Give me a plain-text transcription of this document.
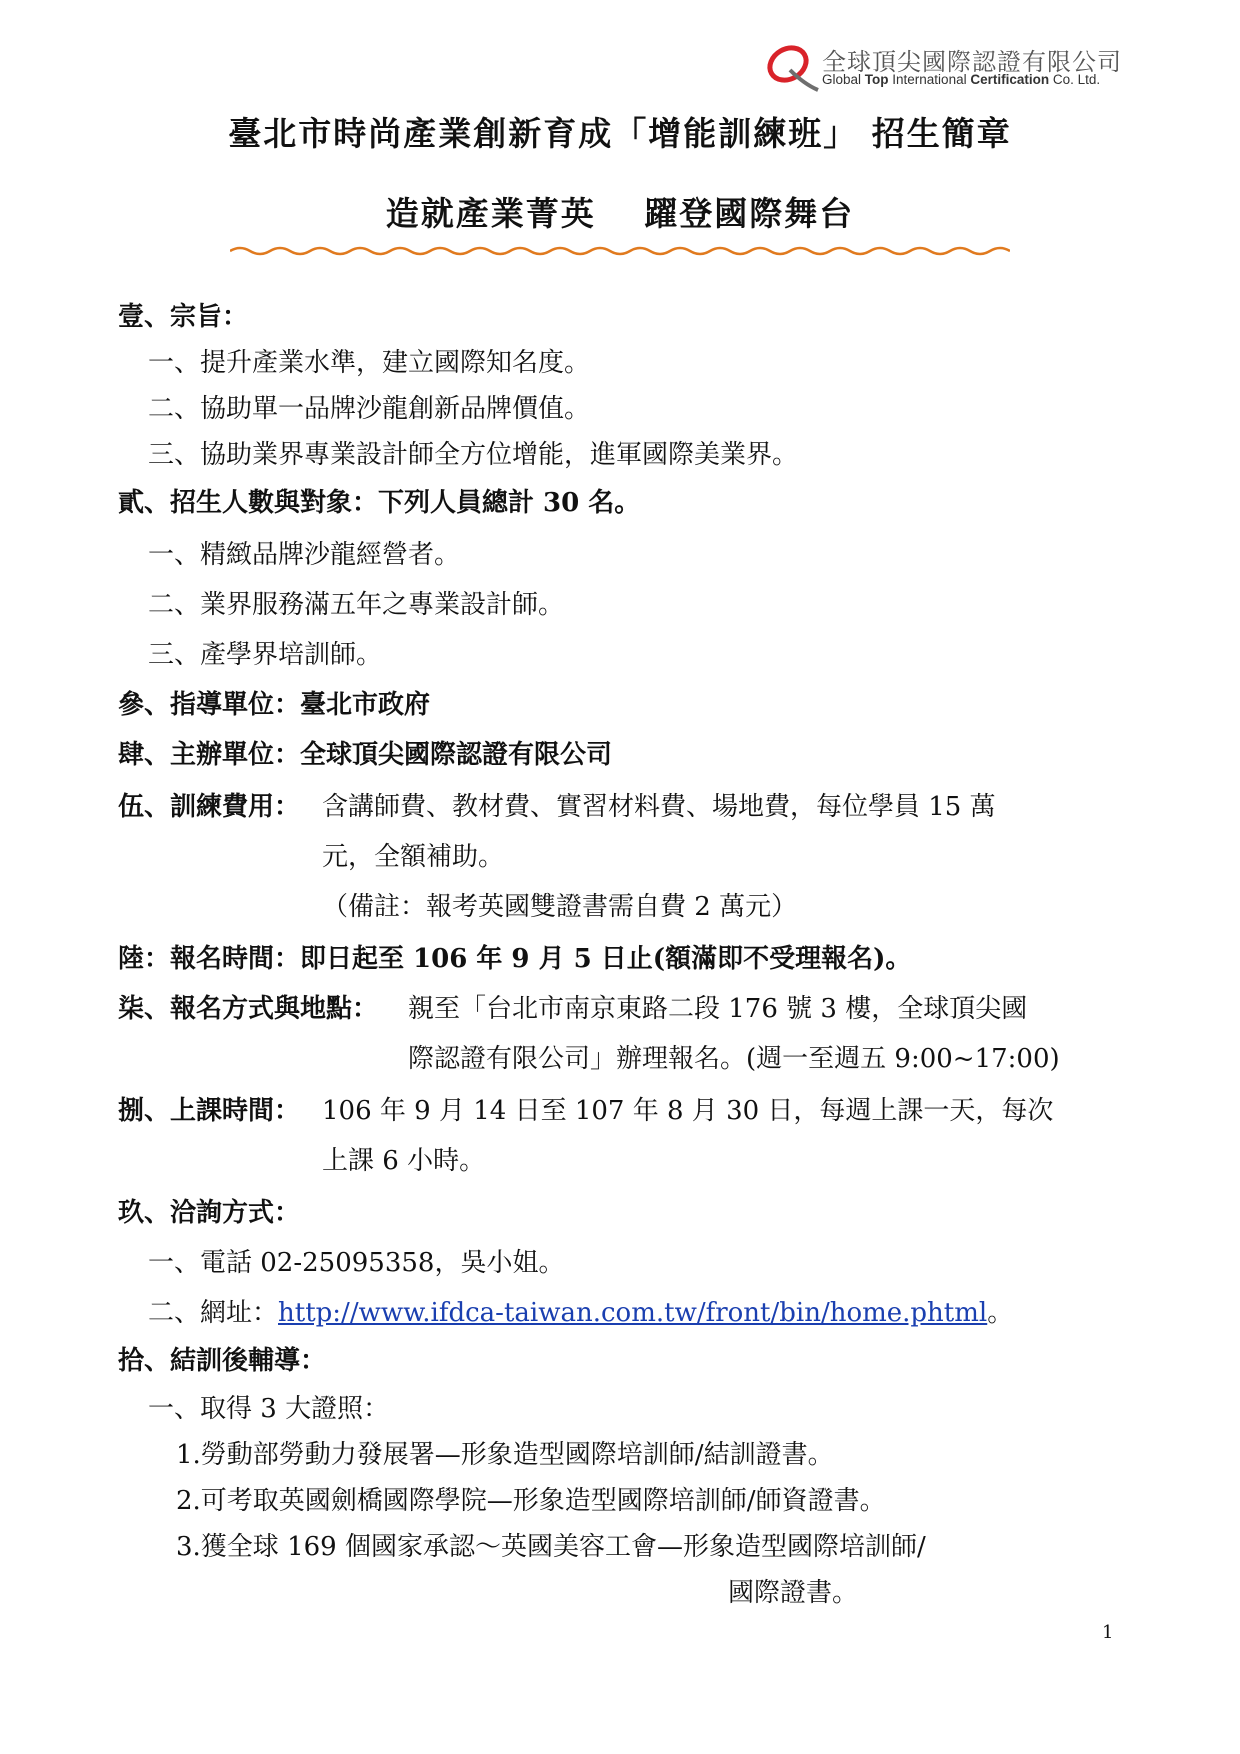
全球頂尖國際認證有限公司
Global Top International Certification Co. Ltd.
臺北市時尚產業創新育成「增能訓練班」 招生簡章
造就產業菁英　 躍登國際舞台
壹、宗旨：
一、提升產業水準，建立國際知名度。
二、協助單一品牌沙龍創新品牌價值。
三、協助業界專業設計師全方位增能，進軍國際美業界。
貳、招生人數與對象：下列人員總計 30 名。
一、精緻品牌沙龍經營者。
二、業界服務滿五年之專業設計師。
三、產學界培訓師。
參、指導單位：臺北市政府
肆、主辦單位：全球頂尖國際認證有限公司
伍、訓練費用： 含講師費、教材費、實習材料費、場地費，每位學員 15 萬
元，全額補助。
（備註：報考英國雙證書需自費 2 萬元）
陸：報名時間：即日起至 106 年 9 月 5 日止(額滿即不受理報名)。
柒、報名方式與地點： 親至「台北市南京東路二段 176 號 3 樓，全球頂尖國
際認證有限公司」辦理報名。(週一至週五 9:00~17:00)
捌、上課時間： 106 年 9 月 14 日至 107 年 8 月 30 日，每週上課一天，每次
上課 6 小時。
玖、洽詢方式：
一、電話 02-25095358，吳小姐。
二、網址：http://www.ifdca-taiwan.com.tw/front/bin/home.phtml。
拾、結訓後輔導：
一、取得 3 大證照：
1.勞動部勞動力發展署—形象造型國際培訓師/結訓證書。
2.可考取英國劍橋國際學院—形象造型國際培訓師/師資證書。
3.獲全球 169 個國家承認～英國美容工會—形象造型國際培訓師/
國際證書。
1
